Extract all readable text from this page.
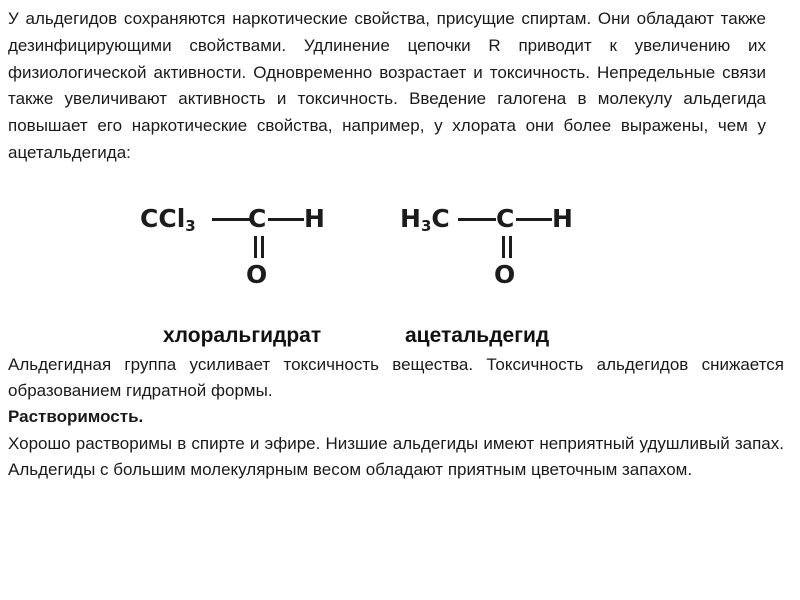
У альдегидов сохраняются наркотические свойства, присущие спиртам. Они обладают также дезинфицирующими свойствами. Удлинение цепочки R приводит к увеличению их физиологической активности. Одновременно возрастает и токсичность. Непредельные связи также увеличивают активность и токсичность. Введение галогена в молекулу альдегида повышает его наркотические свойства, например, у хлората они более выражены, чем у ацетальдегида:

CCl$_3$ C H
O
$H_3C$ C H
O

хлоральгидрат	ацетальдегид

Альдегидная группа усиливает токсичность вещества. Токсичность альдегидов снижается образованием гидратной формы.

Растворимость.

Хорошо растворимы в спирте и эфире. Низшие альдегиды имеют неприятный удушливый запах. Альдегиды с большим молекулярным весом обладают приятным цветочным запахом.
